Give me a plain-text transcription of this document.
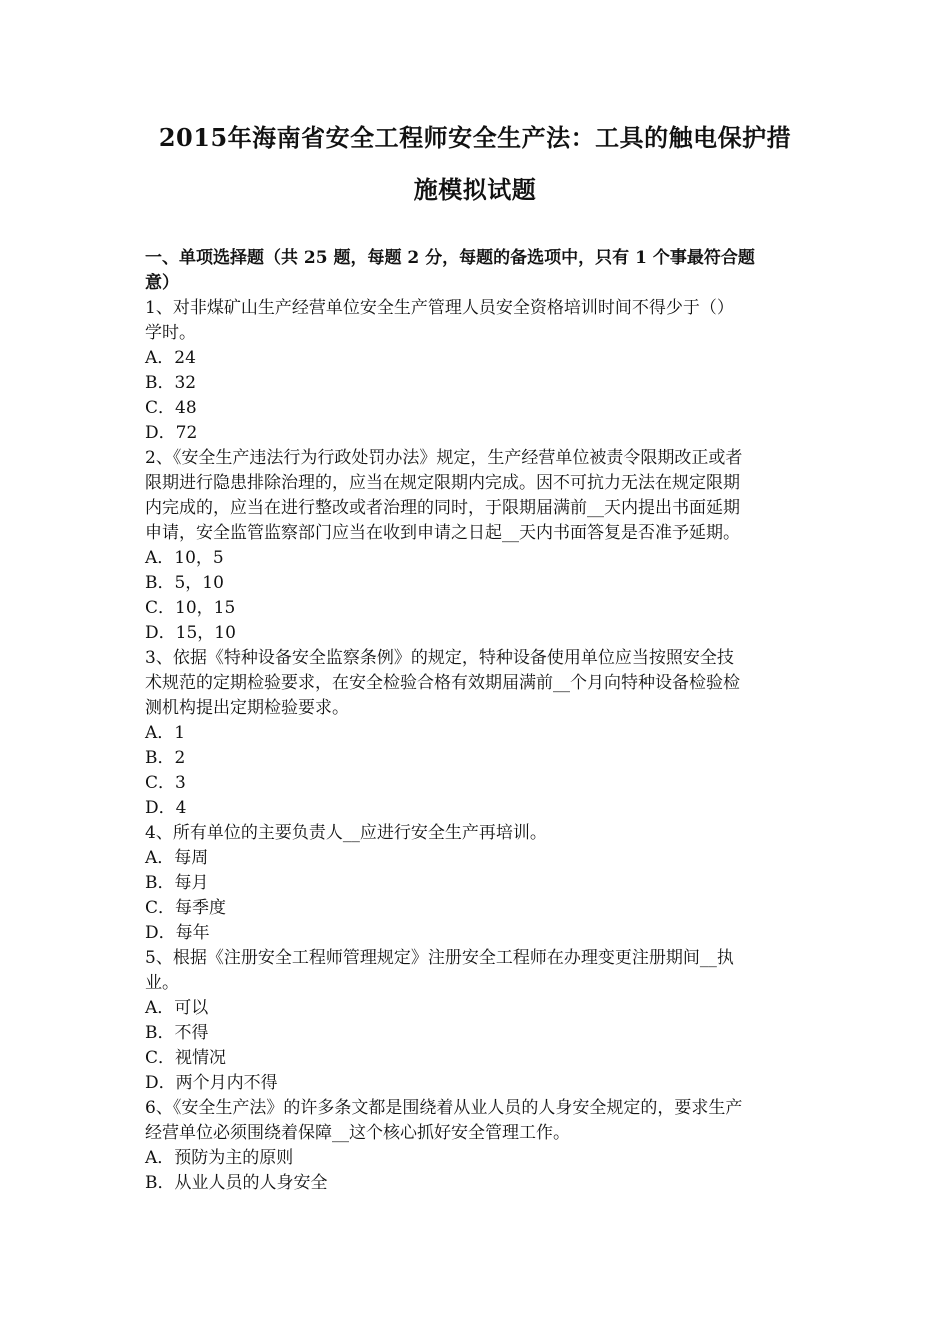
2015年海南省安全工程师安全生产法：工具的触电保护措
施模拟试题
一、单项选择题（共 25 题，每题 2 分，每题的备选项中，只有 1 个事最符合题
意）
1、对非煤矿山生产经营单位安全生产管理人员安全资格培训时间不得少于（）
学时。
A．24
B．32
C．48
D．72
2、《安全生产违法行为行政处罚办法》规定，生产经营单位被责令限期改正或者
限期进行隐患排除治理的，应当在规定限期内完成。因不可抗力无法在规定限期
内完成的，应当在进行整改或者治理的同时，于限期届满前__天内提出书面延期
申请，安全监管监察部门应当在收到申请之日起__天内书面答复是否准予延期。
A．10，5
B．5，10
C．10，15
D．15，10
3、依据《特种设备安全监察条例》的规定，特种设备使用单位应当按照安全技
术规范的定期检验要求，在安全检验合格有效期届满前__个月向特种设备检验检
测机构提出定期检验要求。
A．1
B．2
C．3
D．4
4、所有单位的主要负责人__应进行安全生产再培训。
A．每周
B．每月
C．每季度
D．每年
5、根据《注册安全工程师管理规定》注册安全工程师在办理变更注册期间__执
业。
A．可以
B．不得
C．视情况
D．两个月内不得
6、《安全生产法》的许多条文都是围绕着从业人员的人身安全规定的，要求生产
经营单位必须围绕着保障__这个核心抓好安全管理工作。
A．预防为主的原则
B．从业人员的人身安全
